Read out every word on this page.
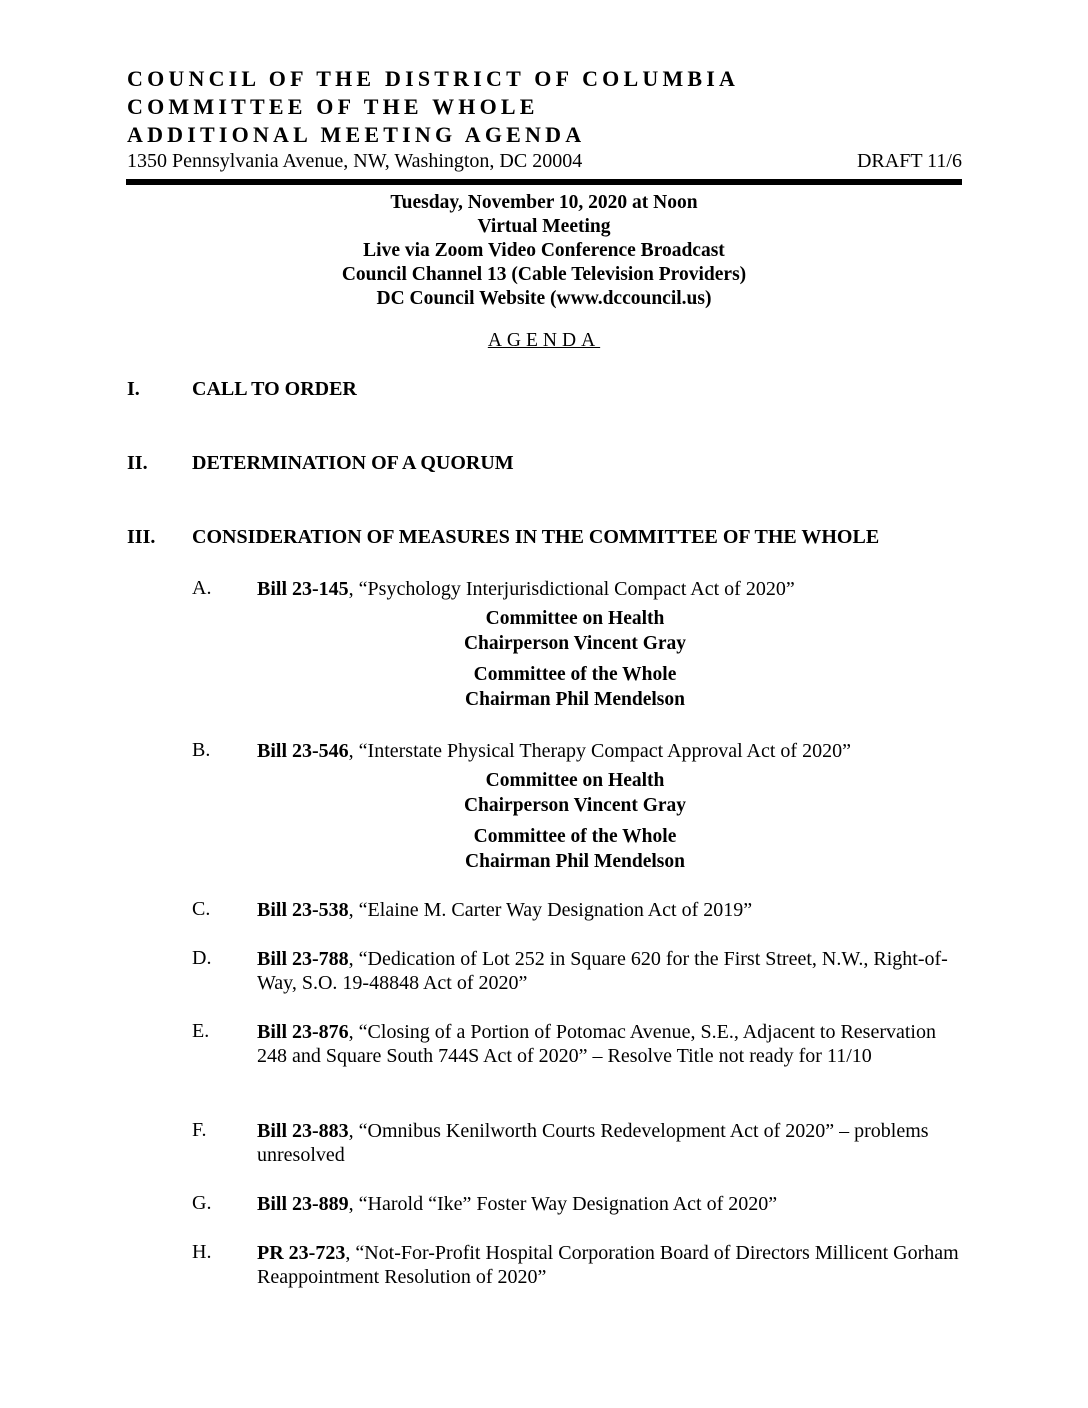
COUNCIL OF THE DISTRICT OF COLUMBIA
COMMITTEE OF THE WHOLE
ADDITIONAL MEETING AGENDA
1350 Pennsylvania Avenue, NW, Washington, DC 20004	DRAFT 11/6
Tuesday, November 10, 2020 at Noon
Virtual Meeting
Live via Zoom Video Conference Broadcast
Council Channel 13 (Cable Television Providers)
DC Council Website (www.dccouncil.us)
AGENDA
I.	CALL TO ORDER
II. DETERMINATION OF A QUORUM
III. CONSIDERATION OF MEASURES IN THE COMMITTEE OF THE WHOLE
A. Bill 23-145, “Psychology Interjurisdictional Compact Act of 2020”
Committee on Health
Chairperson Vincent Gray
Committee of the Whole
Chairman Phil Mendelson
B. Bill 23-546, “Interstate Physical Therapy Compact Approval Act of 2020”
Committee on Health
Chairperson Vincent Gray
Committee of the Whole
Chairman Phil Mendelson
C. Bill 23-538, “Elaine M. Carter Way Designation Act of 2019”
D. Bill 23-788, “Dedication of Lot 252 in Square 620 for the First Street, N.W., Right-of-Way, S.O. 19-48848 Act of 2020”
E. Bill 23-876, “Closing of a Portion of Potomac Avenue, S.E., Adjacent to Reservation 248 and Square South 744S Act of 2020” – Resolve Title not ready for 11/10
F.	Bill 23-883, “Omnibus Kenilworth Courts Redevelopment Act of 2020” – problems unresolved
G. Bill 23-889, “Harold “Ike” Foster Way Designation Act of 2020”
H. PR 23-723, “Not-For-Profit Hospital Corporation Board of Directors Millicent Gorham Reappointment Resolution of 2020”
